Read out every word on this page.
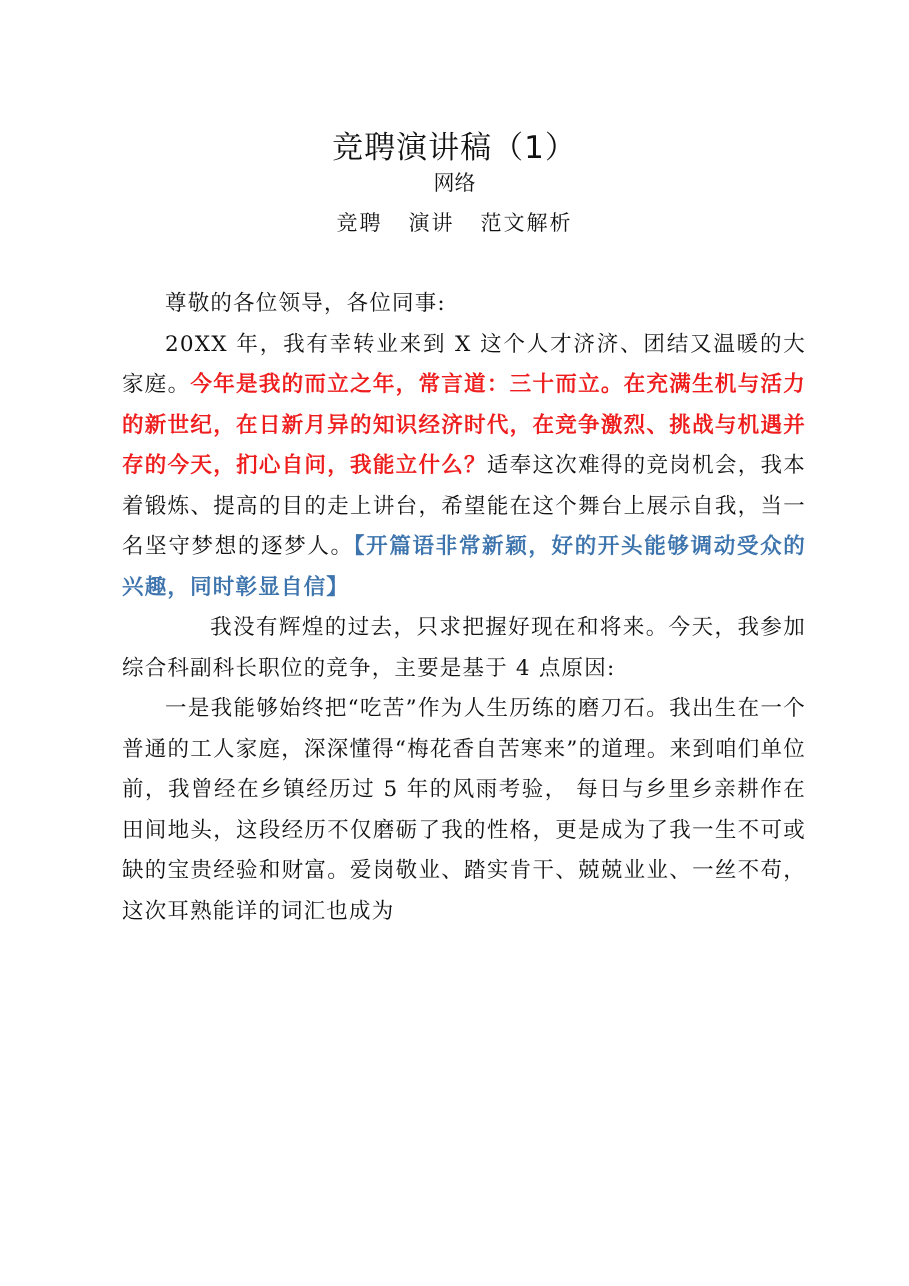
竞聘演讲稿（1）
网络
竞聘 演讲 范文解析

尊敬的各位领导，各位同事:

20XX 年，我有幸转业来到 X 这个人才济济、团结又温暖的大家庭。今年是我的而立之年，常言道：三十而立。在充满生机与活力的新世纪，在日新月异的知识经济时代，在竞争激烈、挑战与机遇并存的今天，扪心自问，我能立什么？适奉这次难得的竞岗机会，我本着锻炼、提高的目的走上讲台，希望能在这个舞台上展示自我，当一名坚守梦想的逐梦人。【开篇语非常新颖，好的开头能够调动受众的兴趣，同时彰显自信】

我没有辉煌的过去，只求把握好现在和将来。今天，我参加综合科副科长职位的竞争，主要是基于 4 点原因:

一是我能够始终把“吃苦”作为人生历练的磨刀石。我出生在一个普通的工人家庭，深深懂得“梅花香自苦寒来”的道理。来到咱们单位前，我曾经在乡镇经历过 5 年的风雨考验， 每日与乡里乡亲耕作在田间地头，这段经历不仅磨砺了我的性格，更是成为了我一生不可或缺的宝贵经验和财富。爱岗敬业、踏实肯干、兢兢业业、一丝不苟，这次耳熟能详的词汇也成为
